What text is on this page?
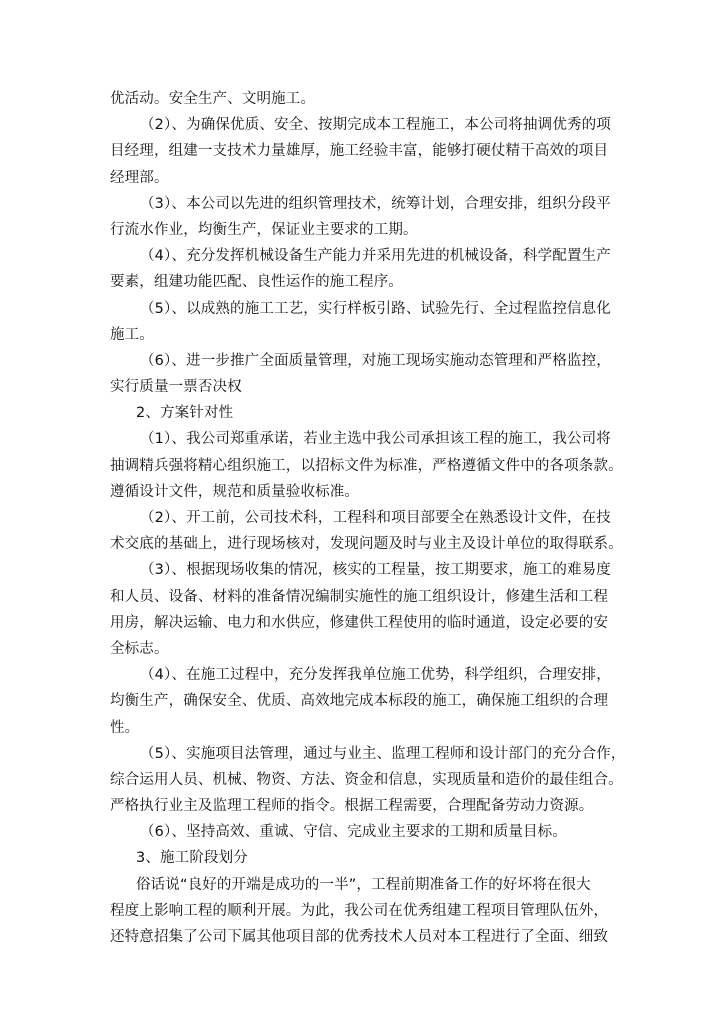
优活动。安全生产、文明施工。
（2）、为确保优质、安全、按期完成本工程施工，本公司将抽调优秀的项
目经理，组建一支技术力量雄厚，施工经验丰富，能够打硬仗精干高效的项目
经理部。
（3）、本公司以先进的组织管理技术，统筹计划，合理安排，组织分段平
行流水作业，均衡生产，保证业主要求的工期。
（4）、充分发挥机械设备生产能力并采用先进的机械设备，科学配置生产
要素，组建功能匹配、良性运作的施工程序。
（5）、以成熟的施工工艺，实行样板引路、试验先行、全过程监控信息化
施工。
（6）、进一步推广全面质量管理，对施工现场实施动态管理和严格监控，
实行质量一票否决权
2、方案针对性
（1）、我公司郑重承诺，若业主选中我公司承担该工程的施工，我公司将
抽调精兵强将精心组织施工，以招标文件为标准，严格遵循文件中的各项条款。
遵循设计文件，规范和质量验收标准。
（2）、开工前，公司技术科，工程科和项目部要全在熟悉设计文件，在技
术交底的基础上，进行现场核对，发现问题及时与业主及设计单位的取得联系。
（3）、根据现场收集的情况，核实的工程量，按工期要求，施工的难易度
和人员、设备、材料的准备情况编制实施性的施工组织设计，修建生活和工程
用房，解决运输、电力和水供应，修建供工程使用的临时通道，设定必要的安
全标志。
（4）、在施工过程中，充分发挥我单位施工优势，科学组织，合理安排，
均衡生产，确保安全、优质、高效地完成本标段的施工，确保施工组织的合理
性。
（5）、实施项目法管理，通过与业主、监理工程师和设计部门的充分合作，
综合运用人员、机械、物资、方法、资金和信息，实现质量和造价的最佳组合。
严格执行业主及监理工程师的指令。根据工程需要，合理配备劳动力资源。
（6）、坚持高效、重诚、守信、完成业主要求的工期和质量目标。
3、施工阶段划分
俗话说“良好的开端是成功的一半”，工程前期准备工作的好坏将在很大
程度上影响工程的顺利开展。为此，我公司在优秀组建工程项目管理队伍外，
还特意招集了公司下属其他项目部的优秀技术人员对本工程进行了全面、细致
